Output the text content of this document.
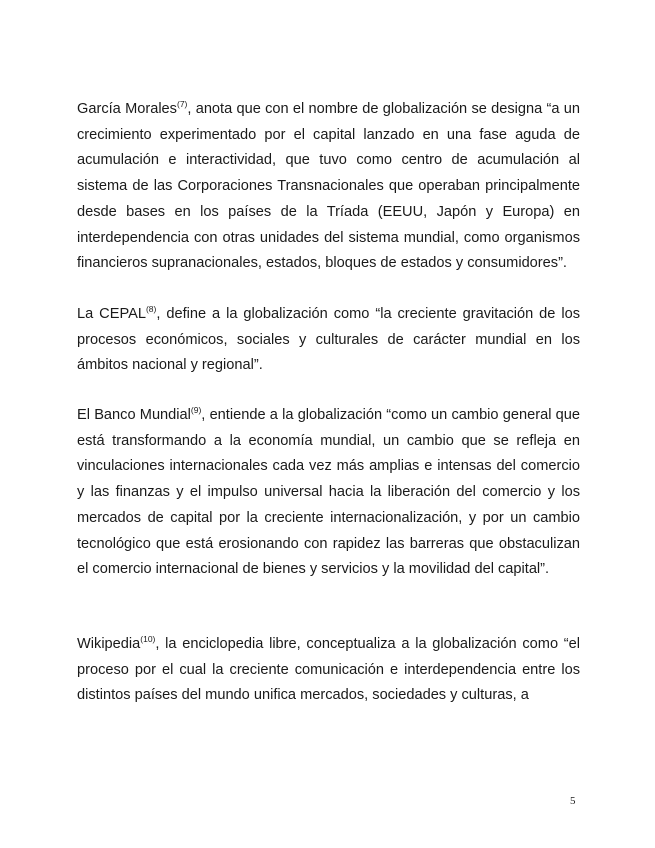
García Morales$^{(7)}$, anota que con el nombre de globalización se designa “a un crecimiento experimentado por el capital lanzado en una fase aguda de acumulación e interactividad, que tuvo como centro de acumulación al sistema de las Corporaciones Transnacionales que operaban principalmente desde bases en los países de la Tríada (EEUU, Japón y Europa) en interdependencia con otras unidades del sistema mundial, como organismos financieros supranacionales, estados, bloques de estados y consumidores”.

La CEPAL$^{(8)}$, define a la globalización como “la creciente gravitación de los procesos económicos, sociales y culturales de carácter mundial en los ámbitos nacional y regional”.

El Banco Mundial$^{(9)}$, entiende a la globalización “como un cambio general que está transformando a la economía mundial, un cambio que se refleja en vinculaciones internacionales cada vez más amplias e intensas del comercio y las finanzas y el impulso universal hacia la liberación del comercio y los mercados de capital por la creciente internacionalización, y por un cambio tecnológico que está erosionando con rapidez las barreras que obstaculizan el comercio internacional de bienes y servicios y la movilidad del capital”.

Wikipedia$^{(10)}$, la enciclopedia libre, conceptualiza a la globalización como “el proceso por el cual la creciente comunicación e interdependencia entre los distintos países del mundo unifica mercados, sociedades y culturas, a

5
